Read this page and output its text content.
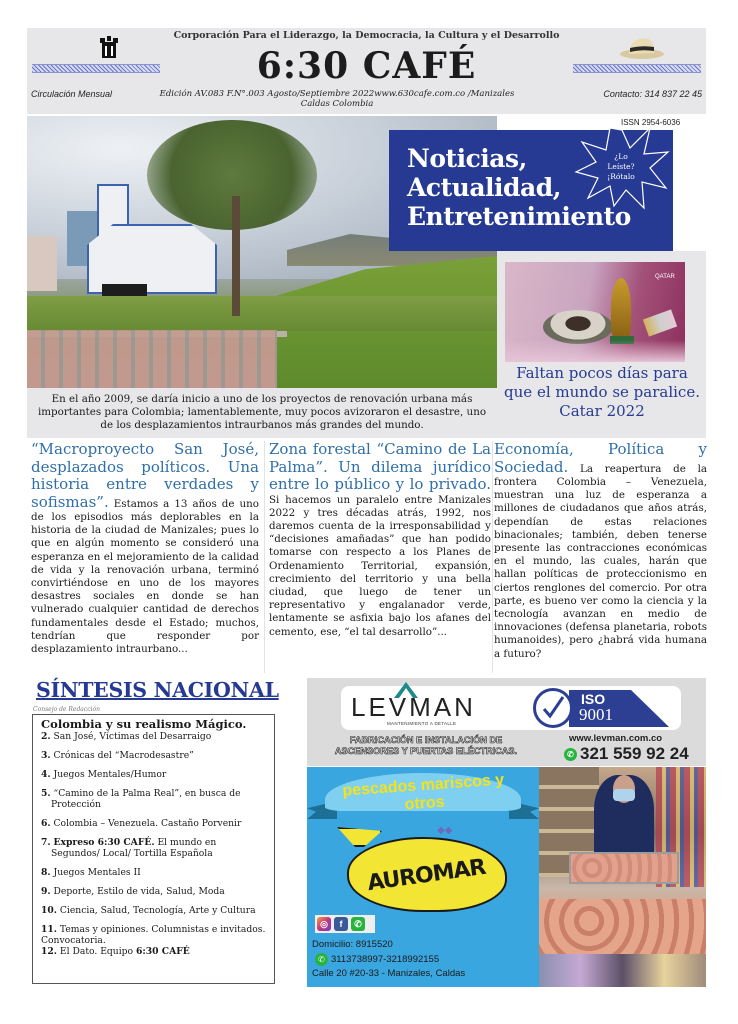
Corporación Para el Liderazgo, la Democracia, la Cultura y el Desarrollo
6:30 CAFÉ
Circulación Mensual	Edición AV.083 F.N°.003 Agosto/Septiembre 2022www.630cafe.com.co /Manizales Caldas Colombia
Contacto: 314 837 22 45
ISSN 2954-6036
Noticias,
Actualidad,
Entretenimiento
¿Lo
Leíste?
¡Rótalo
QATAR
Faltan pocos días para que el mundo se paralice. Catar 2022
En el año 2009, se daría inicio a uno de los proyectos de renovación urbana más importantes para Colombia; lamentablemente, muy pocos avizoraron el desastre, uno de los desplazamientos intraurbanos más grandes del mundo.
“Macroproyecto San José, desplazados políticos. Una historia entre verdades y sofismas”. Estamos a 13 años de uno de los episodios más deplorables en la historia de la ciudad de Manizales; pues lo que en algún momento se consideró una esperanza en el mejoramiento de la calidad de vida y la renovación urbana, terminó convirtiéndose en uno de los mayores desastres sociales en donde se han vulnerado cualquier cantidad de derechos fundamentales desde el Estado; muchos, tendrían que responder por desplazamiento intraurbano...
Zona forestal “Camino de La Palma”. Un dilema jurídico entre lo público y lo privado. Si hacemos un paralelo entre Manizales 2022 y tres décadas atrás, 1992, nos daremos cuenta de la irresponsabilidad y “decisiones amañadas” que han podido tomarse con respecto a los Planes de Ordenamiento Territorial, expansión, crecimiento del territorio y una bella ciudad, que luego de tener un representativo y engalanador verde, lentamente se asfixia bajo los afanes del cemento, ese, “el tal desarrollo”...
Economía, Política y Sociedad. La reapertura de la frontera Colombia – Venezuela, muestran una luz de esperanza a millones de ciudadanos que años atrás, dependían de estas relaciones binacionales; también, deben tenerse presente las contracciones económicas en el mundo, las cuales, harán que hallan políticas de proteccionismo en ciertos renglones del comercio. Por otra parte, es bueno ver como la ciencia y la tecnología avanzan en medio de innovaciones (defensa planetaria, robots humanoides), pero ¿habrá vida humana a futuro?
SÍNTESIS NACIONAL
Consejo de Redacción
Colombia y su realismo Mágico.
2. San José, Víctimas del Desarraigo
3. Crónicas del “Macrodesastre”
4. Juegos Mentales/Humor
5. “Camino de la Palma Real”, en busca de
Protección
6. Colombia – Venezuela. Castaño Porvenir
7. Expreso 6:30 CAFÉ. El mundo en
Segundos/ Local/ Tortilla Española
8. Juegos Mentales II
9. Deporte, Estilo de vida, Salud, Moda
10. Ciencia, Salud, Tecnología, Arte y Cultura
11. Temas y opiniones. Columnistas e invitados. Convocatoria.
12. El Dato. Equipo 6:30 CAFÉ
LEVMAN
MANTENIMIENTO A DETALLE
ISO
9001
FABRICACIÓN E INSTALACIÓN DE
ASCENSORES Y PUERTAS ELÉCTRICAS.
www.levman.com.co
✆ 321 559 92 24
pescados mariscos y otros
◆◆
AUROMAR
◎	f	✆
Domicilio: 8915520
✆ 3113738997-3218992155
Calle 20 #20-33 - Manizales, Caldas
